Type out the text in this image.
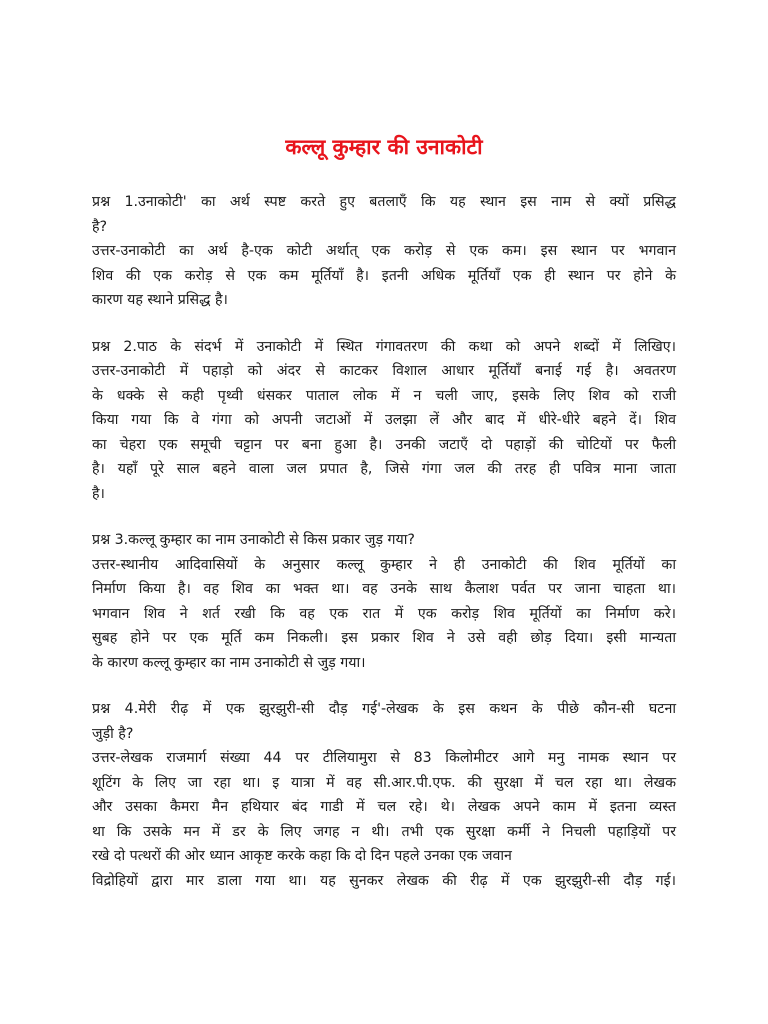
कल्लू कुम्हार की उनाकोटी
प्रश्न 1.उनाकोटी' का अर्थ स्पष्ट करते हुए बतलाएँ कि यह स्थान इस नाम से क्यों प्रसिद्ध
है?
उत्तर-उनाकोटी का अर्थ है-एक कोटी अर्थात् एक करोड़ से एक कम। इस स्थान पर भगवान
शिव की एक करोड़ से एक कम मूर्तियाँ है। इतनी अधिक मूर्तियाँ एक ही स्थान पर होने के
कारण यह स्थाने प्रसिद्ध है।
प्रश्न 2.पाठ के संदर्भ में उनाकोटी में स्थित गंगावतरण की कथा को अपने शब्दों में लिखिए।
उत्तर-उनाकोटी में पहाड़ो को अंदर से काटकर विशाल आधार मूर्तियाँ बनाई गई है। अवतरण
के धक्के से कही पृथ्वी धंसकर पाताल लोक में न चली जाए, इसके लिए शिव को राजी
किया गया कि वे गंगा को अपनी जटाओं में उलझा लें और बाद में धीरे-धीरे बहने दें। शिव
का चेहरा एक समूची चट्टान पर बना हुआ है। उनकी जटाएँ दो पहाड़ों की चोटियों पर फैली
है। यहाँ पूरे साल बहने वाला जल प्रपात है, जिसे गंगा जल की तरह ही पवित्र माना जाता
है।
प्रश्न 3.कल्लू कुम्हार का नाम उनाकोटी से किस प्रकार जुड़ गया?
उत्तर-स्थानीय आदिवासियों के अनुसार कल्लू कुम्हार ने ही उनाकोटी की शिव मूर्तियों का
निर्माण किया है। वह शिव का भक्त था। वह उनके साथ कैलाश पर्वत पर जाना चाहता था।
भगवान शिव ने शर्त रखी कि वह एक रात में एक करोड़ शिव मूर्तियों का निर्माण करे।
सुबह होने पर एक मूर्ति कम निकली। इस प्रकार शिव ने उसे वही छोड़ दिया। इसी मान्यता
के कारण कल्लू कुम्हार का नाम उनाकोटी से जुड़ गया।
प्रश्न 4.मेरी रीढ़ में एक झुरझुरी-सी दौड़ गई'-लेखक के इस कथन के पीछे कौन-सी घटना
जुड़ी है?
उत्तर-लेखक राजमार्ग संख्या 44 पर टीलियामुरा से 83 किलोमीटर आगे मनु नामक स्थान पर
शूटिंग के लिए जा रहा था। इ यात्रा में वह सी.आर.पी.एफ. की सुरक्षा में चल रहा था। लेखक
और उसका कैमरा मैन हथियार बंद गाडी में चल रहे। थे। लेखक अपने काम में इतना व्यस्त
था कि उसके मन में डर के लिए जगह न थी। तभी एक सुरक्षा कर्मी ने निचली पहाड़ियों पर
रखे दो पत्थरों की ओर ध्यान आकृष्ट करके कहा कि दो दिन पहले उनका एक जवान
विद्रोहियों द्वारा मार डाला गया था। यह सुनकर लेखक की रीढ़ में एक झुरझुरी-सी दौड़ गई।
